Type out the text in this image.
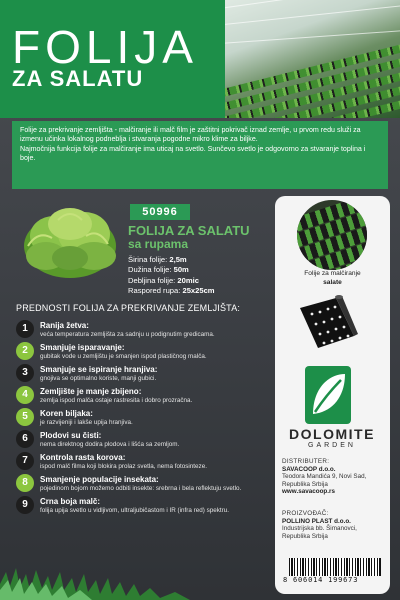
FOLIJA
ZA SALATU

Folije za prekrivanje zemljišta - malčiranje ili malč film je zaštitni pokrivač iznad zemlje, u prvom redu služi za izmenu učinka lokalnog podneblja i stvaranja pogodne mikro klime za biljke.

Najmočnija funkcija folije za malčiranje ima uticaj na svetlo. Sunčevo svetlo je odgovorno za stvaranje toplina i boje.

50996
FOLIJA ZA SALATU
sa rupama
Širina folije: 2,5m
Dužina folije: 50m
Debljina folije: 20mic
Raspored rupa: 25x25cm
Folije za malčiranje
salate
DOLOMITE
GARDEN
DISTRIBUTER:
SAVACOOP d.o.o.
Teodora Mandića 9, Novi Sad,
Republika Srbija
www.savacoop.rs
PROIZVOĐAČ:
POLLINO PLAST d.o.o.
Industrijska bb. Šimanovci,
Republika Srbija
8 606014 199673
PREDNOSTI FOLIJA ZA PREKRIVANJE ZEMLJIŠTA:
1	Ranija žetva:
veća temperatura zemljišta za sadnju u podignutim gredicama.
2	Smanjuje isparavanje:
gubitak vode u zemljištu je smanjen ispod plastičnog malča.
3	Smanjuje se ispiranje hranjiva:
gnojiva se optimalno koriste, manji gubici.
4	Zemljište je manje zbijeno:
zemlja ispod malča ostaje rastresita i dobro prozračna.
5	Koren biljaka:
je razvijeniji i lakše upija hranjiva.
6	Plodovi su čisti:
nema direktnog dodira plodova i lišća sa zemljom.
7	Kontrola rasta korova:
ispod malč filma koji blokira prolaz svetla, nema fotosinteze.
8	Smanjenje populacije insekata:
pojedinom bojom možemo odbiti insekte: srebrna i bela reflektuju svetlo.
9	Crna boja malč:
folija upija svetlo u vidljivom, ultraljubičastom i IR (infra red) spektru.
